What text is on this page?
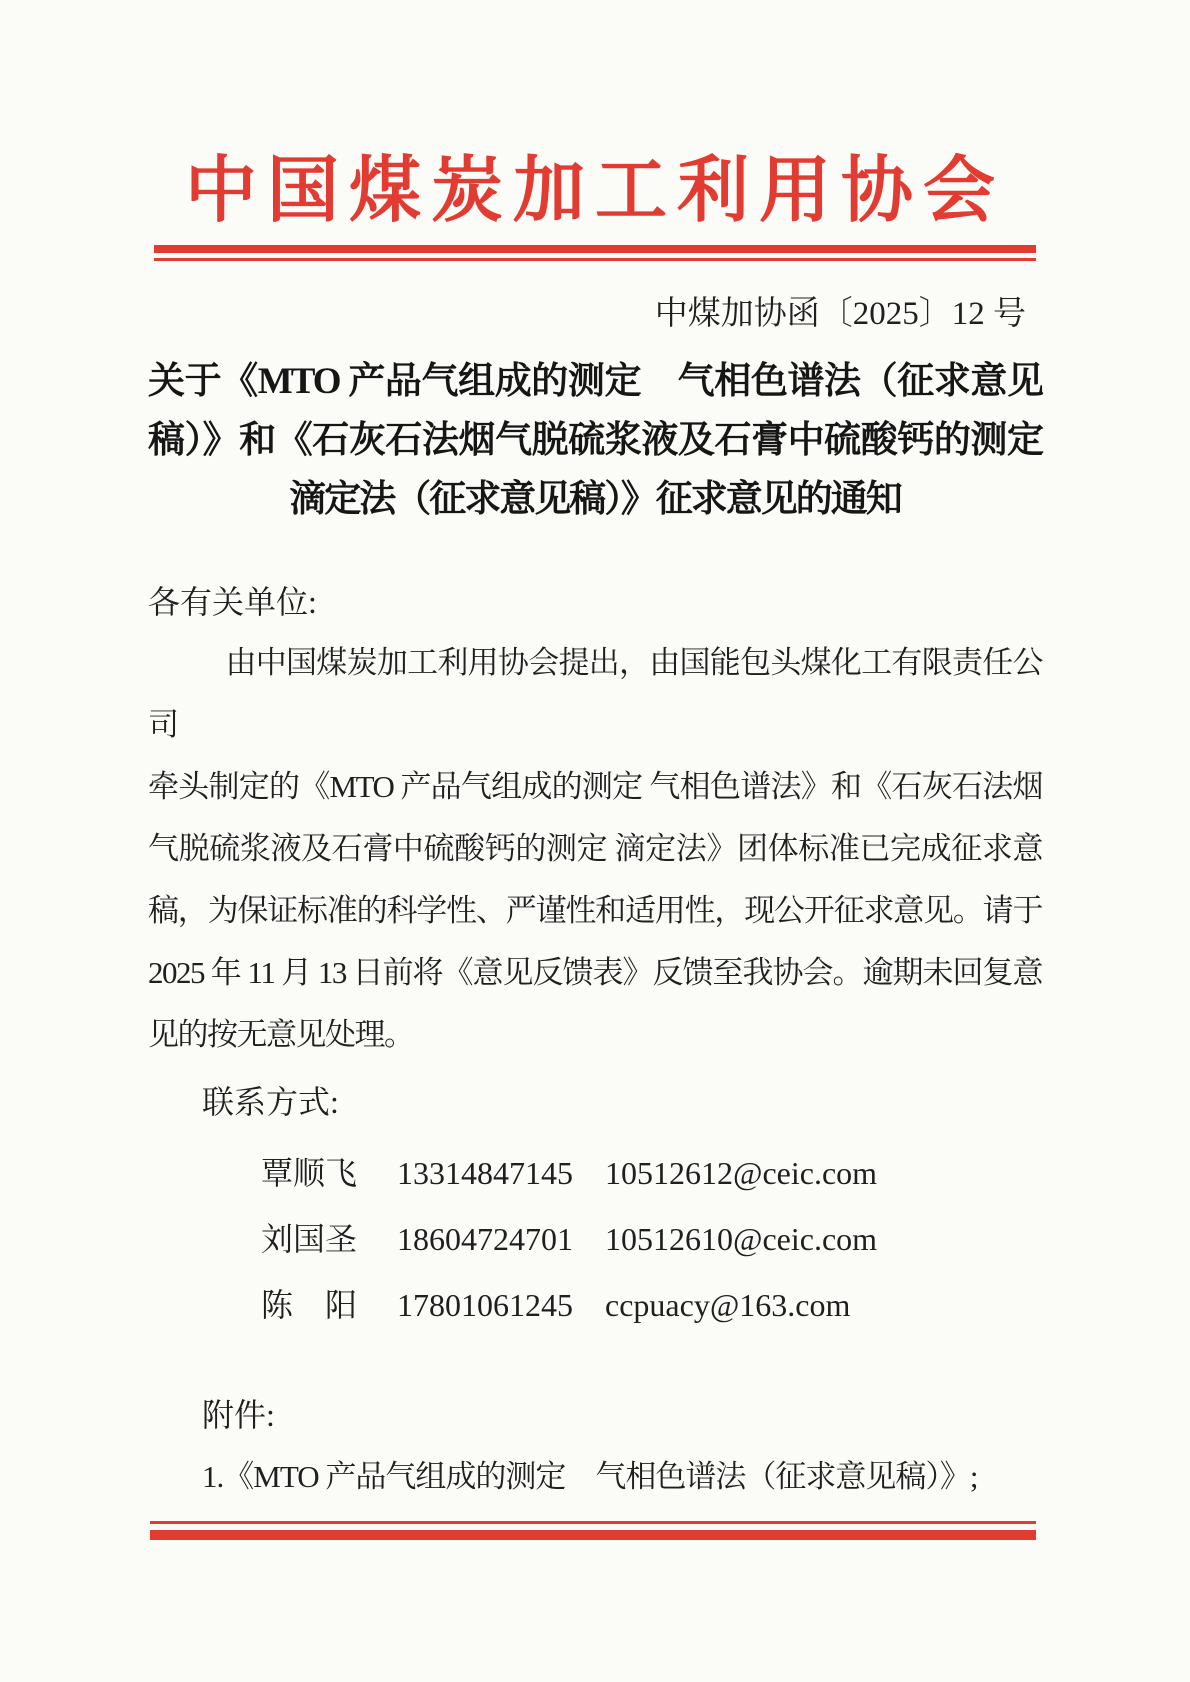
中国煤炭加工利用协会
中煤加协函〔2025〕12 号
关于《MTO 产品气组成的测定　气相色谱法（征求意见
稿）》和《石灰石法烟气脱硫浆液及石膏中硫酸钙的测定
滴定法（征求意见稿）》征求意见的通知
各有关单位:
由中国煤炭加工利用协会提出，由国能包头煤化工有限责任公司
牵头制定的《MTO 产品气组成的测定 气相色谱法》和《石灰石法烟
气脱硫浆液及石膏中硫酸钙的测定 滴定法》团体标准已完成征求意
稿，为保证标准的科学性、严谨性和适用性，现公开征求意见。请于
2025 年 11 月 13 日前将《意见反馈表》反馈至我协会。逾期未回复意
见的按无意见处理。
联系方式:
覃顺飞 13314847145 10512612@ceic.com
刘国圣 18604724701 10512610@ceic.com
陈　阳 17801061245 ccpuacy@163.com
附件:
1.《MTO 产品气组成的测定　气相色谱法（征求意见稿）》;
